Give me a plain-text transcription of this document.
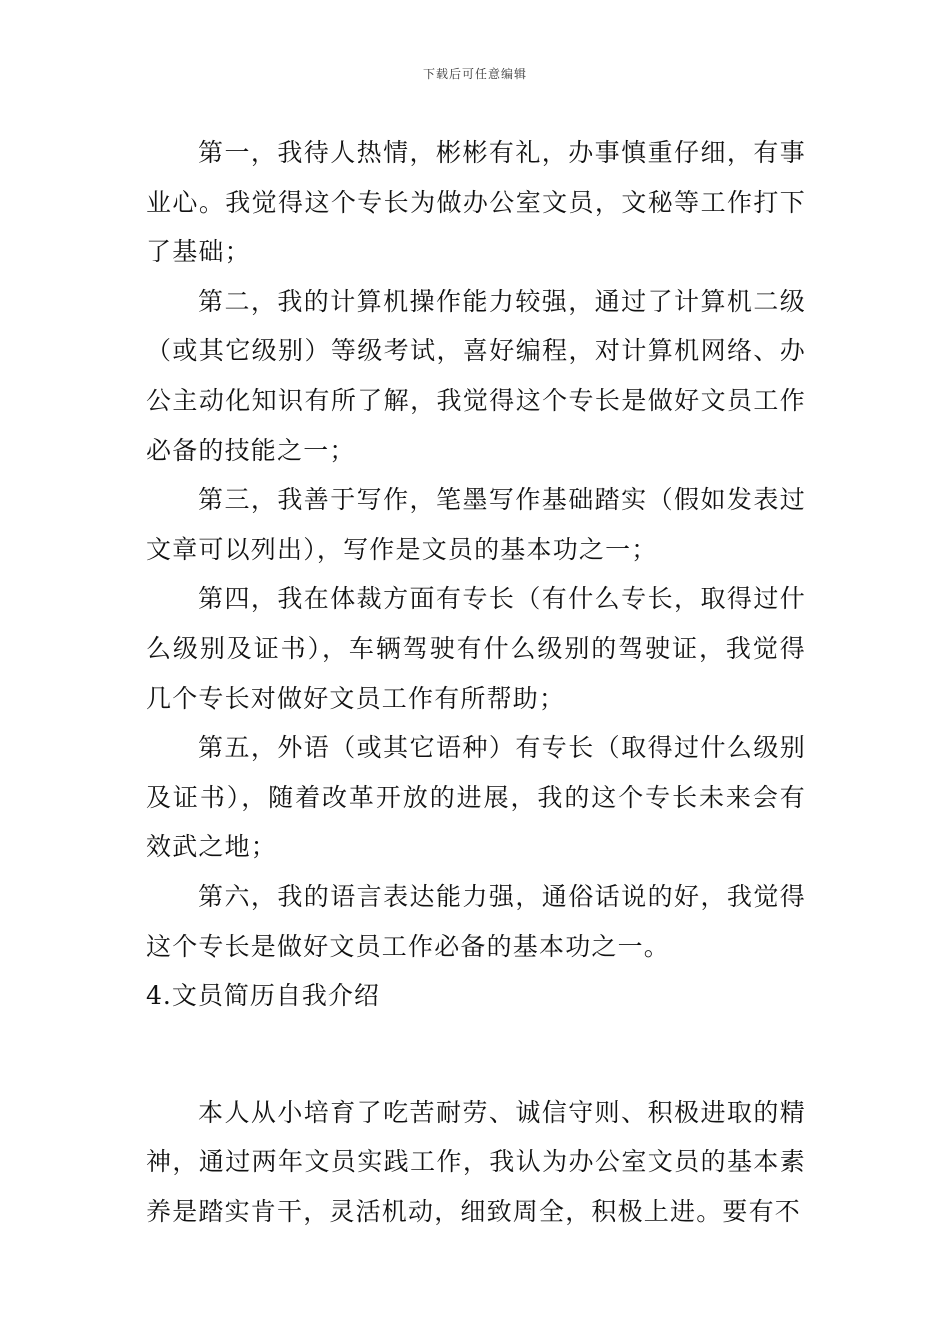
下载后可任意编辑

第一，我待人热情，彬彬有礼，办事慎重仔细，有事业心。我觉得这个专长为做办公室文员，文秘等工作打下了基础；

第二，我的计算机操作能力较强，通过了计算机二级（或其它级别）等级考试，喜好编程，对计算机网络、办公主动化知识有所了解，我觉得这个专长是做好文员工作必备的技能之一；

第三，我善于写作，笔墨写作基础踏实（假如发表过文章可以列出），写作是文员的基本功之一；

第四，我在体裁方面有专长（有什么专长，取得过什么级别及证书），车辆驾驶有什么级别的驾驶证，我觉得几个专长对做好文员工作有所帮助；

第五，外语（或其它语种）有专长（取得过什么级别及证书），随着改革开放的进展，我的这个专长未来会有效武之地；

第六，我的语言表达能力强，通俗话说的好，我觉得这个专长是做好文员工作必备的基本功之一。

4.文员简历自我介绍

本人从小培育了吃苦耐劳、诚信守则、积极进取的精神，通过两年文员实践工作，我认为办公室文员的基本素养是踏实肯干，灵活机动，细致周全，积极上进。要有不
